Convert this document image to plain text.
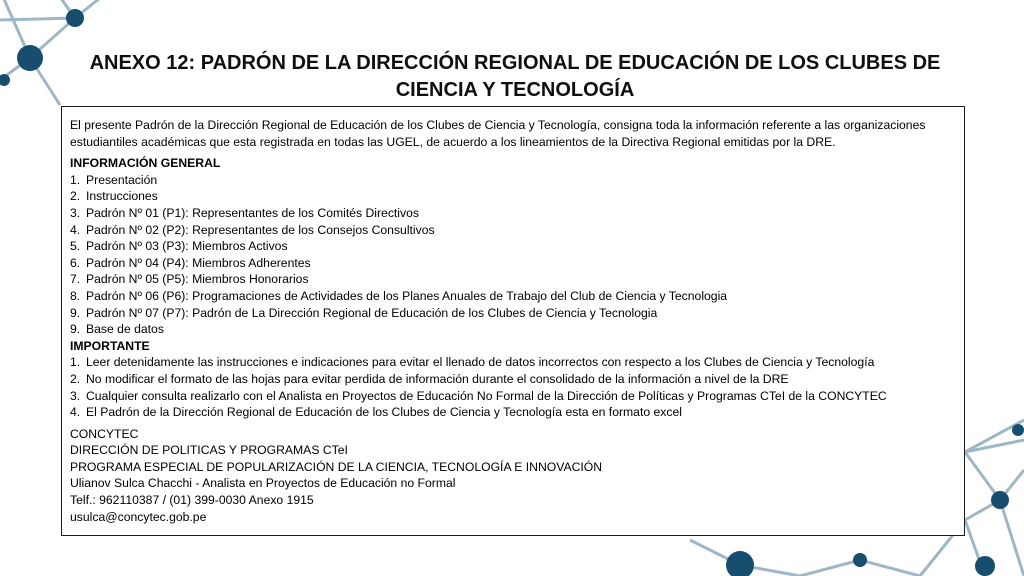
ANEXO 12: PADRÓN DE LA DIRECCIÓN REGIONAL DE EDUCACIÓN DE LOS CLUBES DE
CIENCIA Y TECNOLOGÍA

El presente Padrón de la Dirección Regional de Educación de los Clubes de Ciencia y Tecnología, consigna toda la información referente a las organizaciones estudiantiles académicas que esta registrada en todas las UGEL, de acuerdo a los lineamientos de la Directiva Regional emitidas por la DRE.

INFORMACIÓN GENERAL

1. Presentación
2. Instrucciones
3. Padrón Nº 01 (P1): Representantes de los Comités Directivos
4. Padrón Nº 02 (P2): Representantes de los Consejos Consultivos
5. Padrón Nº 03 (P3): Miembros Activos
6. Padrón Nº 04 (P4): Miembros Adherentes
7. Padrón Nº 05 (P5): Miembros Honorarios
8. Padrón Nº 06 (P6): Programaciones de Actividades de los Planes Anuales de Trabajo del Club de Ciencia y Tecnologia
9. Padrón Nº 07 (P7): Padrón de La Dirección Regional de Educación de los Clubes de Ciencia y Tecnologia
9. Base de datos

IMPORTANTE

1. Leer detenidamente las instrucciones e indicaciones para evitar el llenado de datos incorrectos con respecto a los Clubes de Ciencia y Tecnología
2. No modificar el formato de las hojas para evitar perdida de información durante el consolidado de la información a nivel de la DRE
3. Cualquier consulta realizarlo con el Analista en Proyectos de Educación No Formal de la Dirección de Políticas y Programas CTeI de la CONCYTEC
4. El Padrón de la Dirección Regional de Educación de los Clubes de Ciencia y Tecnología esta en formato excel

CONCYTEC

DIRECCIÓN DE POLITICAS Y PROGRAMAS CTeI

PROGRAMA ESPECIAL DE POPULARIZACIÓN DE LA CIENCIA, TECNOLOGÍA E INNOVACIÓN

Ulianov Sulca Chacchi - Analista en Proyectos de Educación no Formal

Telf.: 962110387 / (01) 399-0030 Anexo 1915

usulca@concytec.gob.pe
